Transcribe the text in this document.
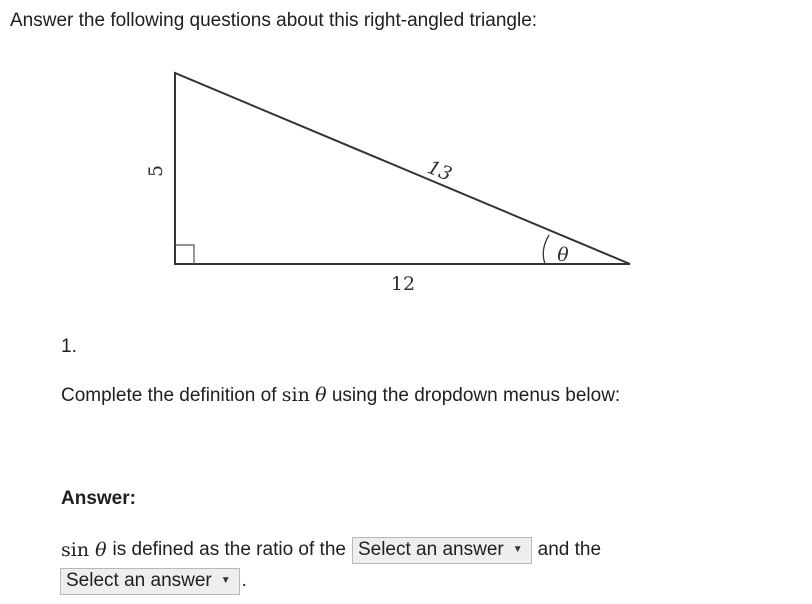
Answer the following questions about this right-angled triangle:
5
12
13
θ
1.
Complete the definition of sin θ using the dropdown menus below:
Answer:
sin θ is defined as the ratio of the Select an answer ▼ and the
Select an answer ▼ .
